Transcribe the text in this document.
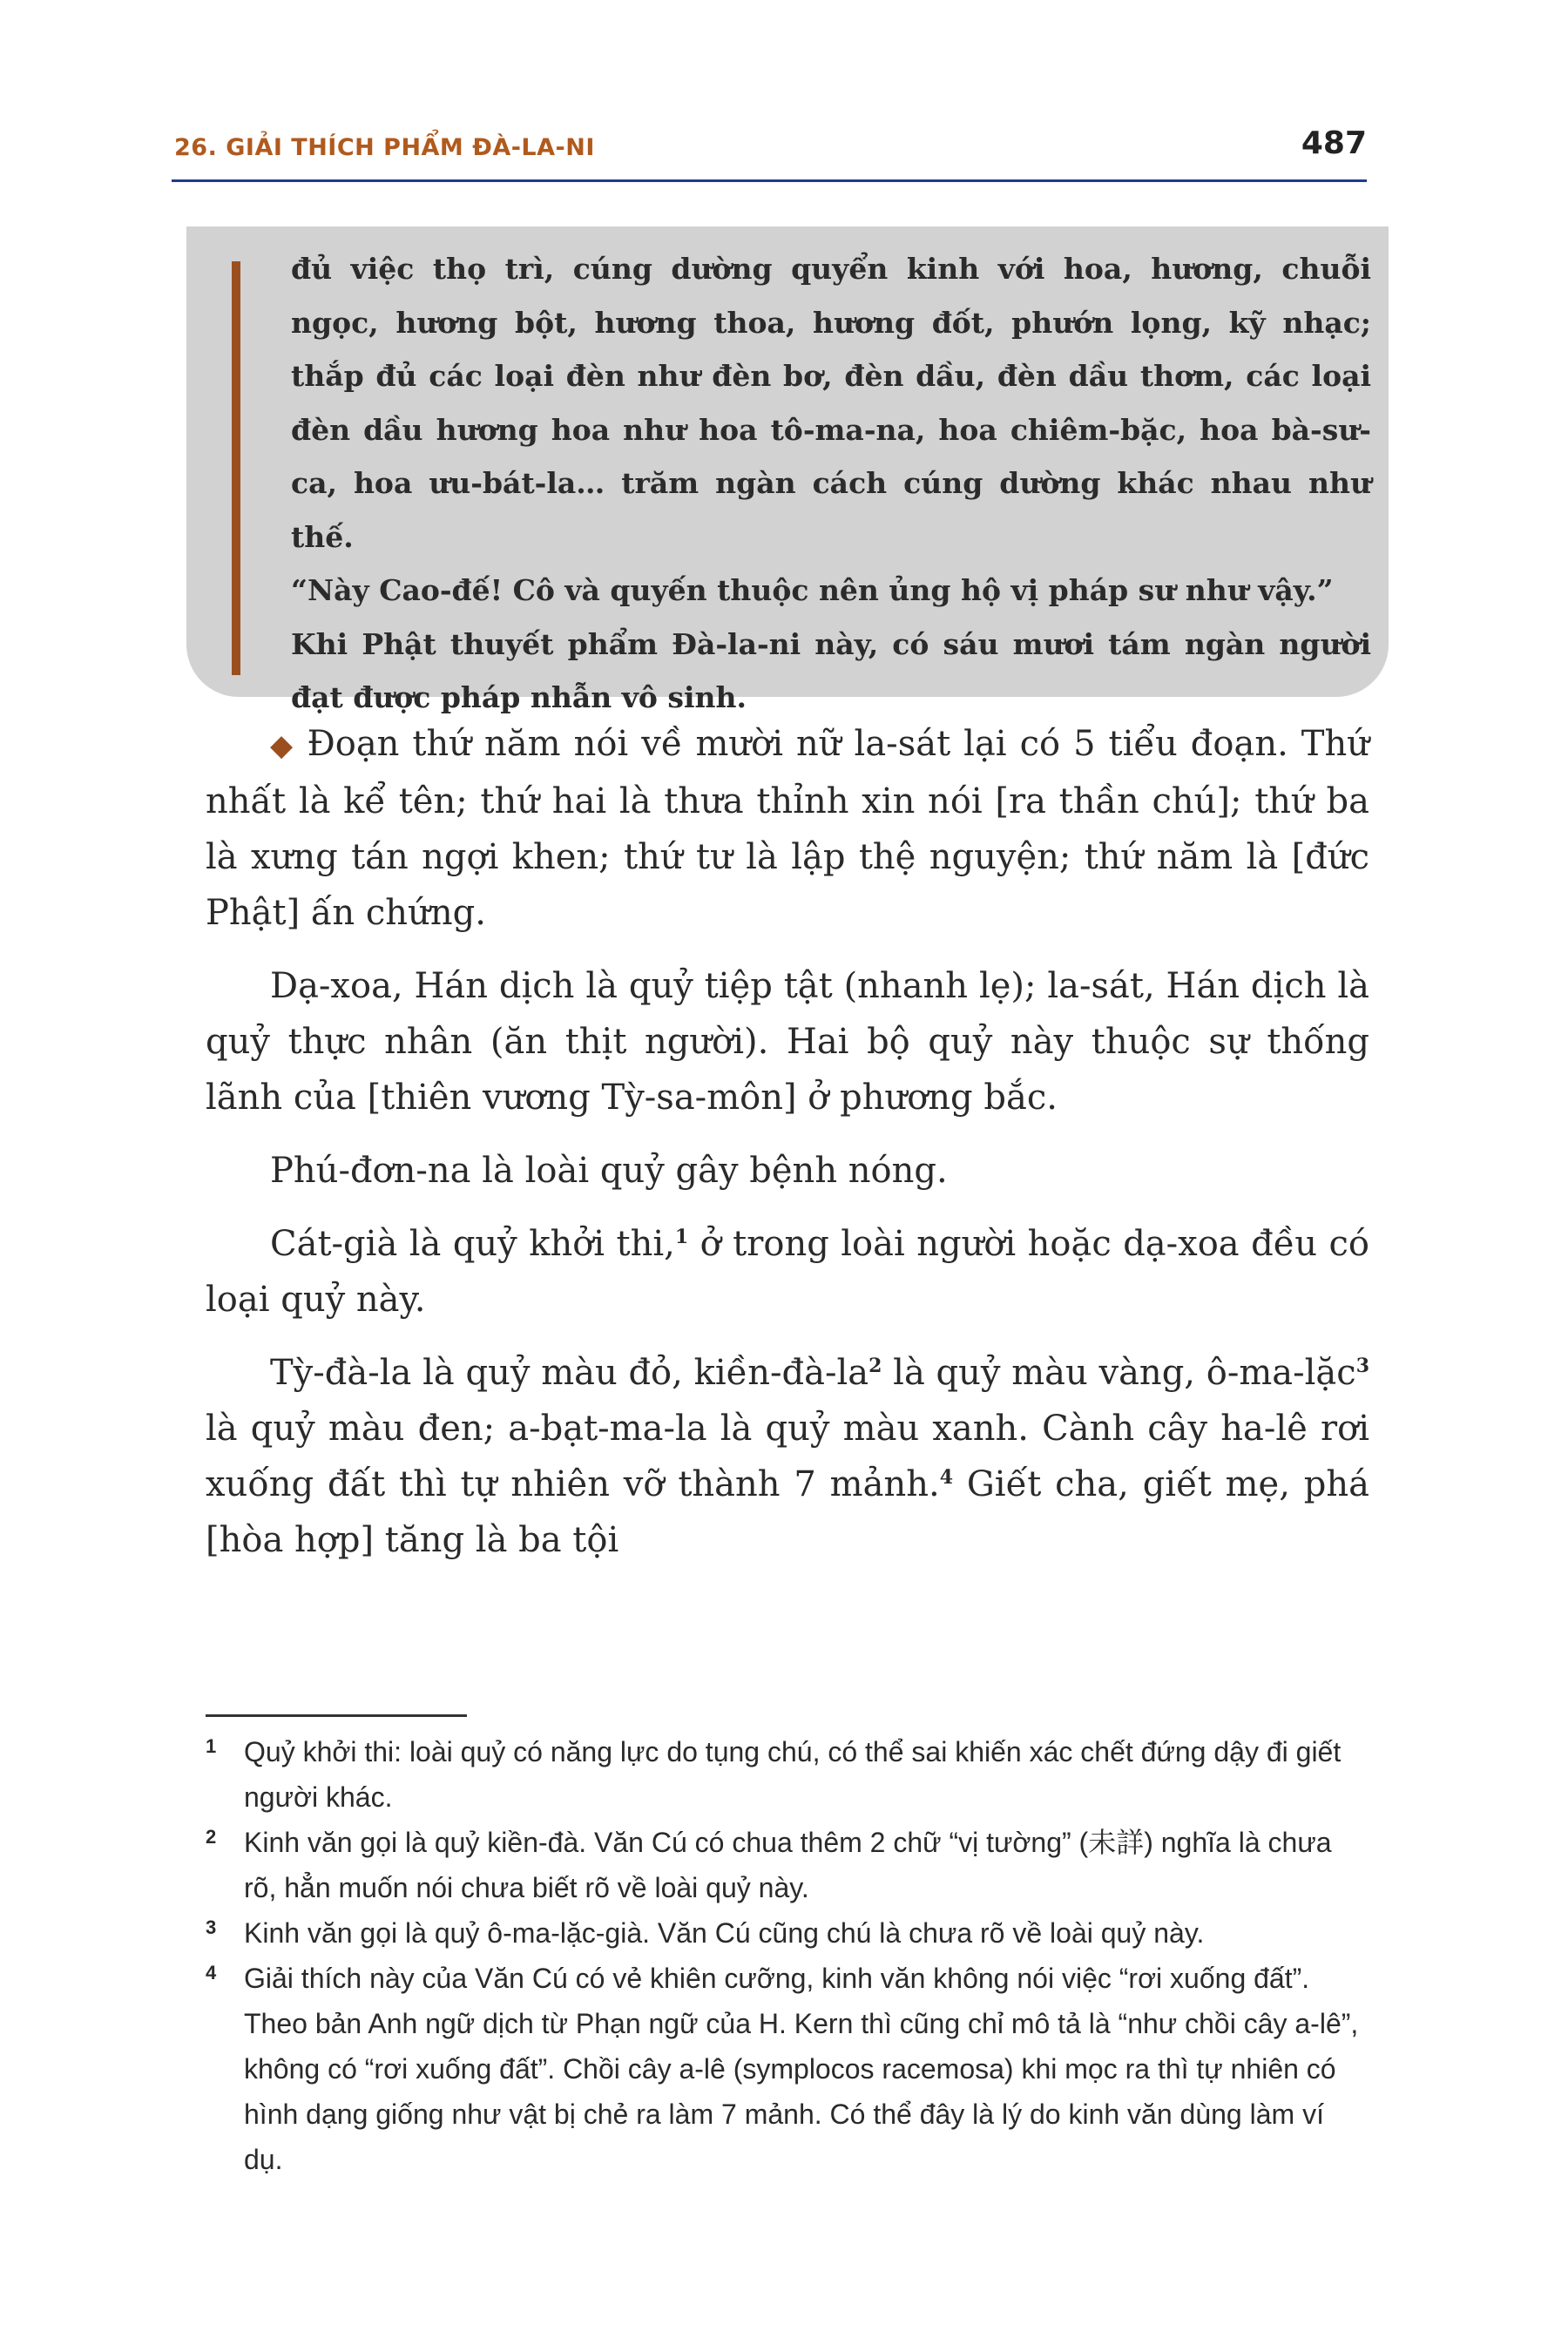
26. GIẢI THÍCH PHẨM ĐÀ-LA-NI	487

đủ việc thọ trì, cúng dường quyển kinh với hoa, hương, chuỗi ngọc, hương bột, hương thoa, hương đốt, phướn lọng, kỹ nhạc; thắp đủ các loại đèn như đèn bơ, đèn dầu, đèn dầu thơm, các loại đèn dầu hương hoa như hoa tô-ma-na, hoa chiêm-bặc, hoa bà-sư-ca, hoa ưu-bát-la… trăm ngàn cách cúng dường khác nhau như thế.

“Này Cao-đế! Cô và quyến thuộc nên ủng hộ vị pháp sư như vậy.”

Khi Phật thuyết phẩm Đà-la-ni này, có sáu mươi tám ngàn người đạt được pháp nhẫn vô sinh.

◆ Đoạn thứ năm nói về mười nữ la-sát lại có 5 tiểu đoạn. Thứ nhất là kể tên; thứ hai là thưa thỉnh xin nói [ra thần chú]; thứ ba là xưng tán ngợi khen; thứ tư là lập thệ nguyện; thứ năm là [đức Phật] ấn chứng.

Dạ-xoa, Hán dịch là quỷ tiệp tật (nhanh lẹ); la-sát, Hán dịch là quỷ thực nhân (ăn thịt người). Hai bộ quỷ này thuộc sự thống lãnh của [thiên vương Tỳ-sa-môn] ở phương bắc.

Phú-đơn-na là loài quỷ gây bệnh nóng.

Cát-già là quỷ khởi thi,$^1$ ở trong loài người hoặc dạ-xoa đều có loại quỷ này.

Tỳ-đà-la là quỷ màu đỏ, kiền-đà-la$^2$ là quỷ màu vàng, ô-ma-lặc$^3$ là quỷ màu đen; a-bạt-ma-la là quỷ màu xanh. Cành cây ha-lê rơi xuống đất thì tự nhiên vỡ thành 7 mảnh.$^4$ Giết cha, giết mẹ, phá [hòa hợp] tăng là ba tội

1 Quỷ khởi thi: loài quỷ có năng lực do tụng chú, có thể sai khiến xác chết đứng dậy đi giết người khác.

2 Kinh văn gọi là quỷ kiền-đà. Văn Cú có chua thêm 2 chữ “vị tường” (未詳) nghĩa là chưa rõ, hẳn muốn nói chưa biết rõ về loài quỷ này.

3 Kinh văn gọi là quỷ ô-ma-lặc-già. Văn Cú cũng chú là chưa rõ về loài quỷ này.

4 Giải thích này của Văn Cú có vẻ khiên cưỡng, kinh văn không nói việc “rơi xuống đất”. Theo bản Anh ngữ dịch từ Phạn ngữ của H. Kern thì cũng chỉ mô tả là “như chồi cây a-lê”, không có “rơi xuống đất”. Chồi cây a-lê (symplocos racemosa) khi mọc ra thì tự nhiên có hình dạng giống như vật bị chẻ ra làm 7 mảnh. Có thể đây là lý do kinh văn dùng làm ví dụ.
